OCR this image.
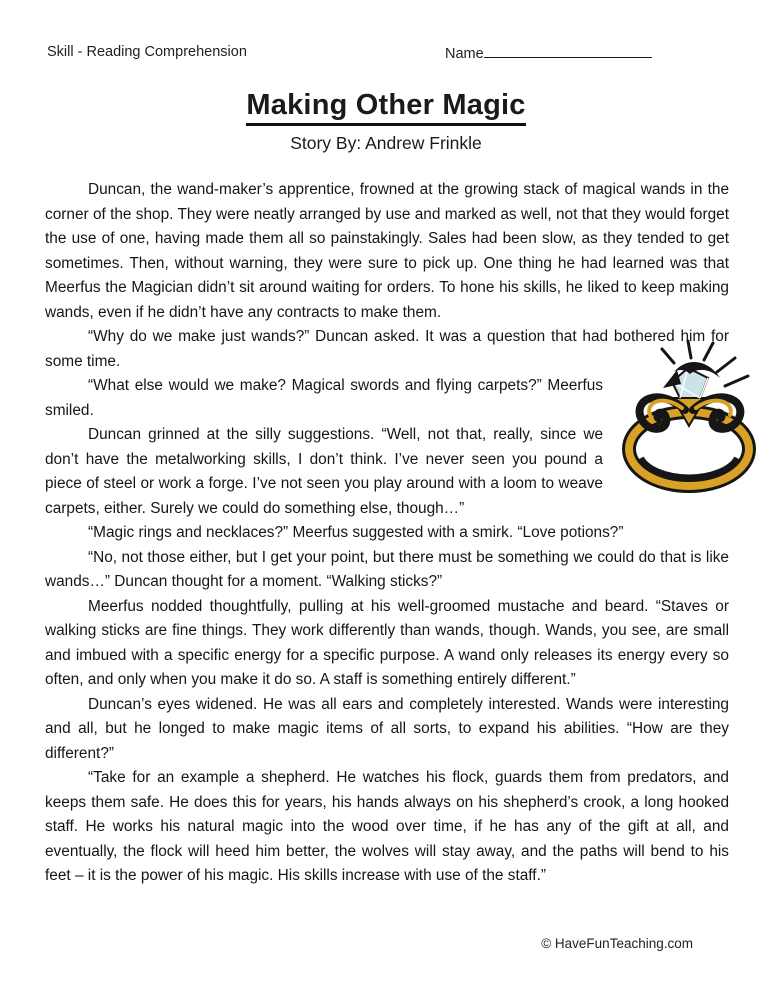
Skill - Reading Comprehension	Name
Making Other Magic
Story By: Andrew Frinkle

Duncan, the wand-maker’s apprentice, frowned at the growing stack of magical wands in the corner of the shop. They were neatly arranged by use and marked as well, not that they would forget the use of one, having made them all so painstakingly. Sales had been slow, as they tended to get sometimes. Then, without warning, they were sure to pick up. One thing he had learned was that Meerfus the Magician didn’t sit around waiting for orders. To hone his skills, he liked to keep making wands, even if he didn’t have any contracts to make them.

“Why do we make just wands?” Duncan asked. It was a question that had bothered him for some time.

“What else would we make? Magical swords and flying carpets?” Meerfus smiled.

Duncan grinned at the silly suggestions. “Well, not that, really, since we don’t have the metalworking skills, I don’t think. I’ve never seen you pound a piece of steel or work a forge. I’ve not seen you play around with a loom to weave carpets, either. Surely we could do something else, though…”

“Magic rings and necklaces?” Meerfus suggested with a smirk. “Love potions?”

“No, not those either, but I get your point, but there must be something we could do that is like wands…” Duncan thought for a moment. “Walking sticks?”

Meerfus nodded thoughtfully, pulling at his well-groomed mustache and beard. “Staves or walking sticks are fine things. They work differently than wands, though. Wands, you see, are small and imbued with a specific energy for a specific purpose. A wand only releases its energy every so often, and only when you make it do so. A staff is something entirely different.”

Duncan’s eyes widened. He was all ears and completely interested. Wands were interesting and all, but he longed to make magic items of all sorts, to expand his abilities. “How are they different?”

“Take for an example a shepherd. He watches his flock, guards them from predators, and keeps them safe. He does this for years, his hands always on his shepherd’s crook, a long hooked staff. He works his natural magic into the wood over time, if he has any of the gift at all, and eventually, the flock will heed him better, the wolves will stay away, and the paths will bend to his feet – it is the power of his magic. His skills increase with use of the staff.”

© HaveFunTeaching.com
